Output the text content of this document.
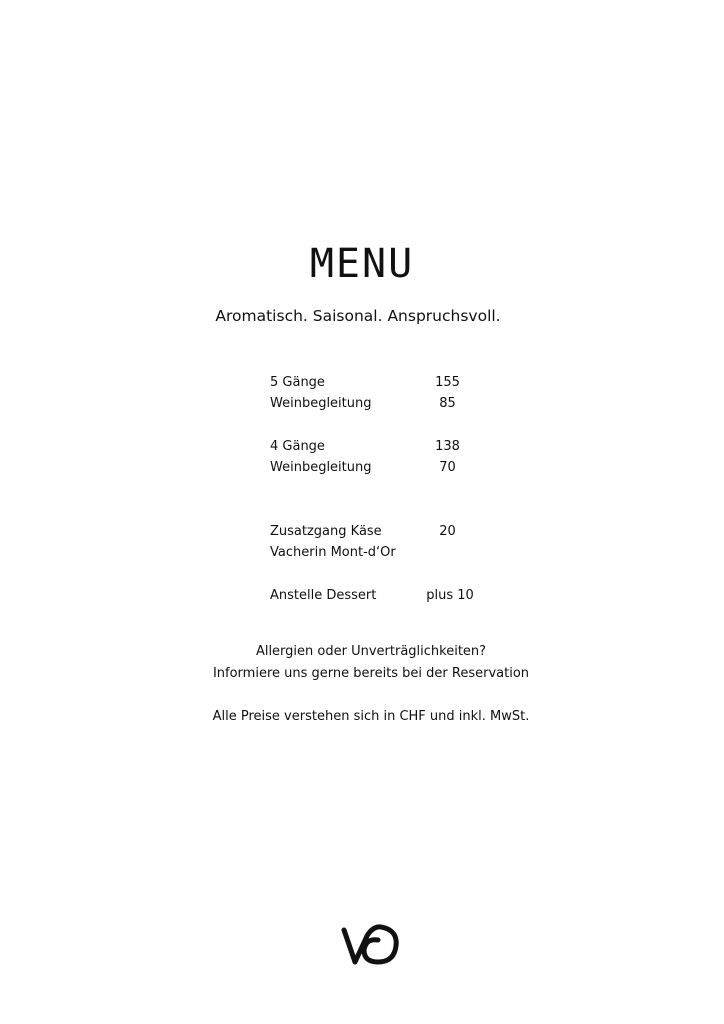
MENU
Aromatisch. Saisonal. Anspruchsvoll.
5 Gänge	155
Weinbegleitung	85
4 Gänge	138
Weinbegleitung	70
Zusatzgang Käse	20
Vacherin Mont-d‘Or
Anstelle Dessert	plus 10
Allergien oder Unverträglichkeiten?
Informiere uns gerne bereits bei der Reservation
Alle Preise verstehen sich in CHF und inkl. MwSt.
